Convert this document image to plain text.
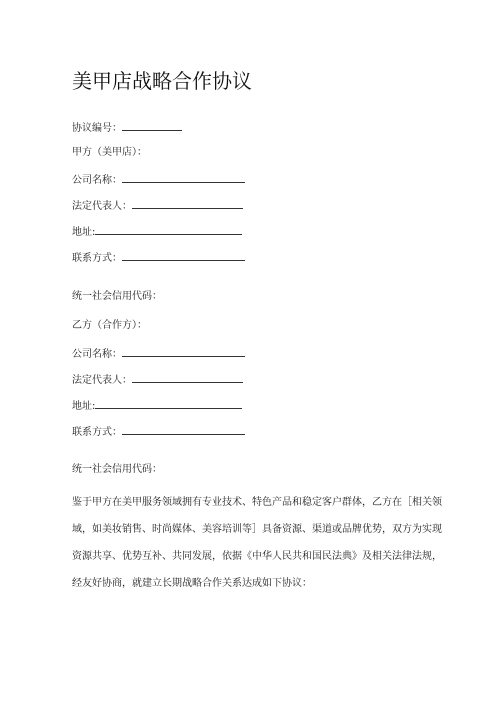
美甲店战略合作协议
协议编号：
甲方（美甲店）：
公司名称：
法定代表人：
地址:
联系方式：
统一社会信用代码：
乙方（合作方）：
公司名称：
法定代表人：
地址:
联系方式：
统一社会信用代码：
鉴于甲方在美甲服务领域拥有专业技术、特色产品和稳定客户群体，乙方在［相关领
域，如美妆销售、时尚媒体、美容培训等］具备资源、渠道或品牌优势，双方为实现
资源共享、优势互补、共同发展，依据《中华人民共和国民法典》及相关法律法规，
经友好协商，就建立长期战略合作关系达成如下协议：
